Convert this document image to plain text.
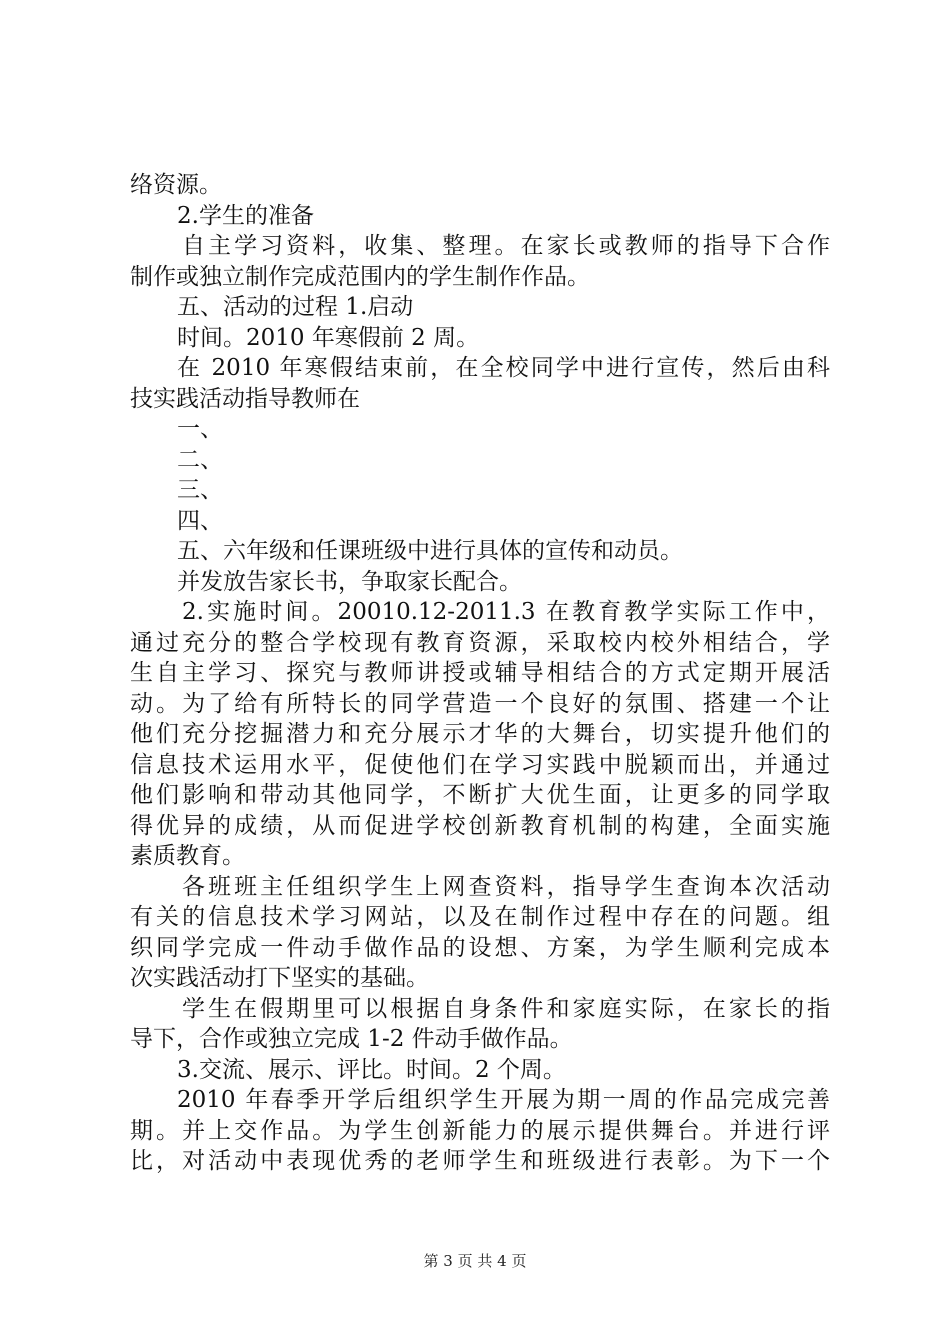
络资源。
2.学生的准备
自主学习资料，收集、整理。在家长或教师的指导下合作
制作或独立制作完成范围内的学生制作作品。
五、活动的过程 1.启动
时间。2010 年寒假前 2 周。
在 2010 年寒假结束前，在全校同学中进行宣传，然后由科
技实践活动指导教师在
一、
二、
三、
四、
五、六年级和任课班级中进行具体的宣传和动员。
并发放告家长书，争取家长配合。
2.实施时间。20010.12-2011.3 在教育教学实际工作中，
通过充分的整合学校现有教育资源，采取校内校外相结合，学
生自主学习、探究与教师讲授或辅导相结合的方式定期开展活
动。为了给有所特长的同学营造一个良好的氛围、搭建一个让
他们充分挖掘潜力和充分展示才华的大舞台，切实提升他们的
信息技术运用水平，促使他们在学习实践中脱颖而出，并通过
他们影响和带动其他同学，不断扩大优生面，让更多的同学取
得优异的成绩，从而促进学校创新教育机制的构建，全面实施
素质教育。
各班班主任组织学生上网查资料，指导学生查询本次活动
有关的信息技术学习网站，以及在制作过程中存在的问题。组
织同学完成一件动手做作品的设想、方案，为学生顺利完成本
次实践活动打下坚实的基础。
学生在假期里可以根据自身条件和家庭实际，在家长的指
导下，合作或独立完成 1-2 件动手做作品。
3.交流、展示、评比。时间。2 个周。
2010 年春季开学后组织学生开展为期一周的作品完成完善
期。并上交作品。为学生创新能力的展示提供舞台。并进行评
比，对活动中表现优秀的老师学生和班级进行表彰。为下一个
第 3 页 共 4 页
